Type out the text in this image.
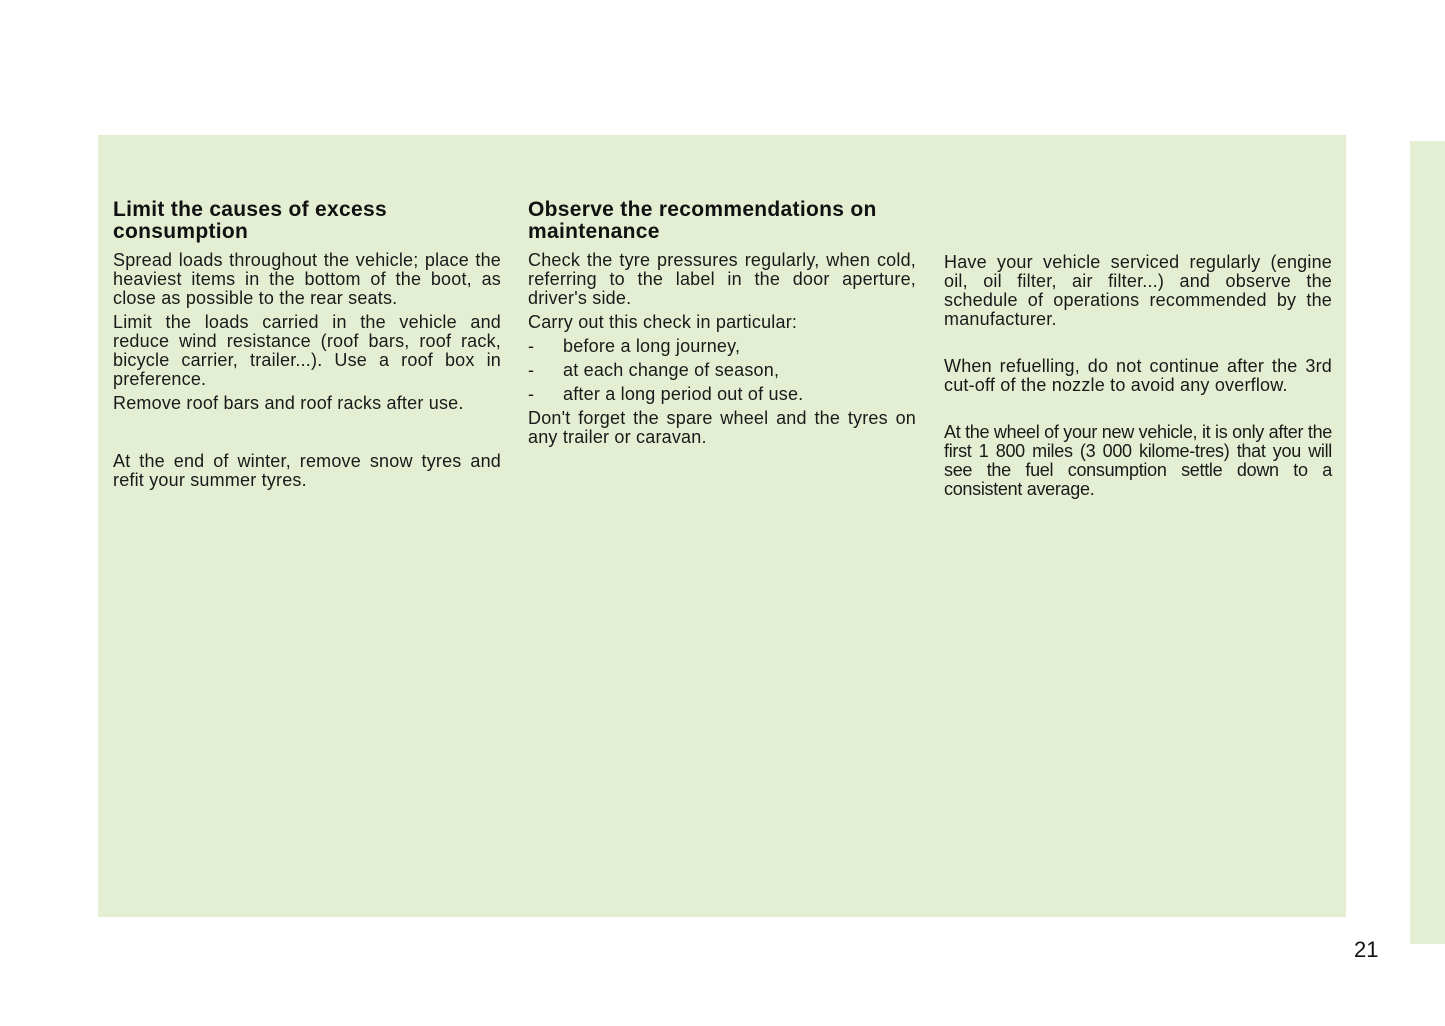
Limit the causes of excess consumption

Spread loads throughout the vehicle; place the heaviest items in the bottom of the boot, as close as possible to the rear seats.

Limit the loads carried in the vehicle and reduce wind resistance (roof bars, roof rack, bicycle carrier, trailer...). Use a roof box in preference.

Remove roof bars and roof racks after use.

At the end of winter, remove snow tyres and refit your summer tyres.

Observe the recommendations on maintenance

Check the tyre pressures regularly, when cold, referring to the label in the door aperture, driver's side.

Carry out this check in particular:

- before a long journey,
- at each change of season,
- after a long period out of use.

Don't forget the spare wheel and the tyres on any trailer or caravan.

Have your vehicle serviced regularly (engine oil, oil filter, air filter...) and observe the schedule of operations recommended by the manufacturer.

When refuelling, do not continue after the 3rd cut-off of the nozzle to avoid any overflow.

At the wheel of your new vehicle, it is only after the first 1 800 miles (3 000 kilome-tres) that you will see the fuel consumption settle down to a consistent average.

21
